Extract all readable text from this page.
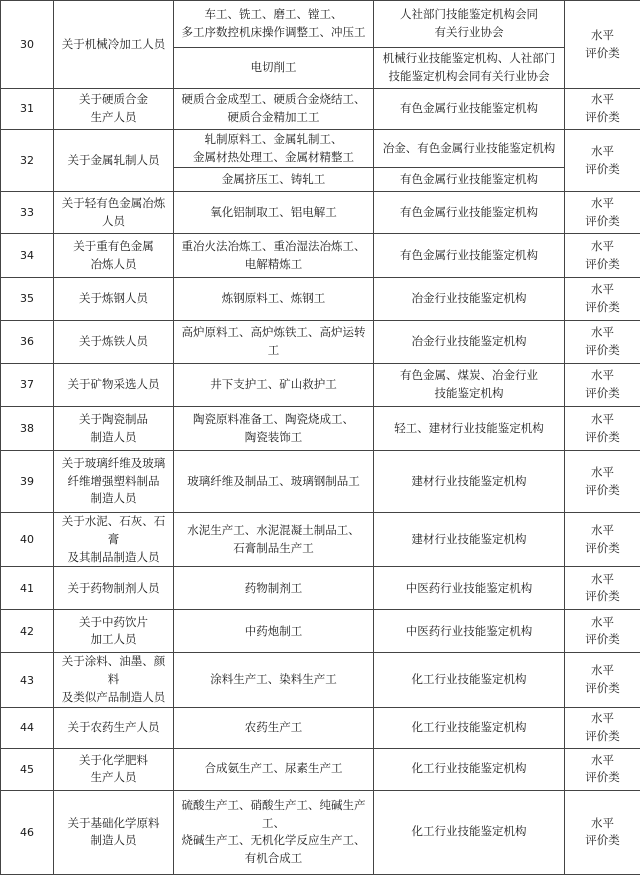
30	关于机械冷加工人员	车工、铣工、磨工、镗工、
多工序数控机床操作调整工、冲压工	人社部门技能鉴定机构会同
有关行业协会	水平
评价类

		电切削工	机械行业技能鉴定机构、人社部门
技能鉴定机构会同有关行业协会	

31	关于硬质合金
生产人员	硬质合金成型工、硬质合金烧结工、
硬质合金精加工工	有色金属行业技能鉴定机构	水平
评价类

32	关于金属轧制人员	轧制原料工、金属轧制工、
金属材热处理工、金属材精整工	冶金、有色金属行业技能鉴定机构	水平
评价类

		金属挤压工、铸轧工	有色金属行业技能鉴定机构	

33	关于轻有色金属冶炼
人员	氧化铝制取工、铝电解工	有色金属行业技能鉴定机构	水平
评价类

34	关于重有色金属
冶炼人员	重冶火法冶炼工、重冶湿法冶炼工、
电解精炼工	有色金属行业技能鉴定机构	水平
评价类

35	关于炼钢人员	炼钢原料工、炼钢工	冶金行业技能鉴定机构	水平
评价类

36	关于炼铁人员	高炉原料工、高炉炼铁工、高炉运转工	冶金行业技能鉴定机构	水平
评价类

37	关于矿物采选人员	井下支护工、矿山救护工	有色金属、煤炭、冶金行业
技能鉴定机构	水平
评价类

38	关于陶瓷制品
制造人员	陶瓷原料准备工、陶瓷烧成工、
陶瓷装饰工	轻工、建材行业技能鉴定机构	水平
评价类

39	关于玻璃纤维及玻璃
纤维增强塑料制品
制造人员	玻璃纤维及制品工、玻璃钢制品工	建材行业技能鉴定机构	水平
评价类

40	关于水泥、石灰、石膏
及其制品制造人员	水泥生产工、水泥混凝土制品工、
石膏制品生产工	建材行业技能鉴定机构	水平
评价类

41	关于药物制剂人员	药物制剂工	中医药行业技能鉴定机构	水平
评价类

42	关于中药饮片
加工人员	中药炮制工	中医药行业技能鉴定机构	水平
评价类

43	关于涂料、油墨、颜料
及类似产品制造人员	涂料生产工、染料生产工	化工行业技能鉴定机构	水平
评价类

44	关于农药生产人员	农药生产工	化工行业技能鉴定机构	水平
评价类

45	关于化学肥料
生产人员	合成氨生产工、尿素生产工	化工行业技能鉴定机构	水平
评价类

46	关于基础化学原料
制造人员	硫酸生产工、硝酸生产工、纯碱生产工、
烧碱生产工、无机化学反应生产工、
有机合成工	化工行业技能鉴定机构	水平
评价类
